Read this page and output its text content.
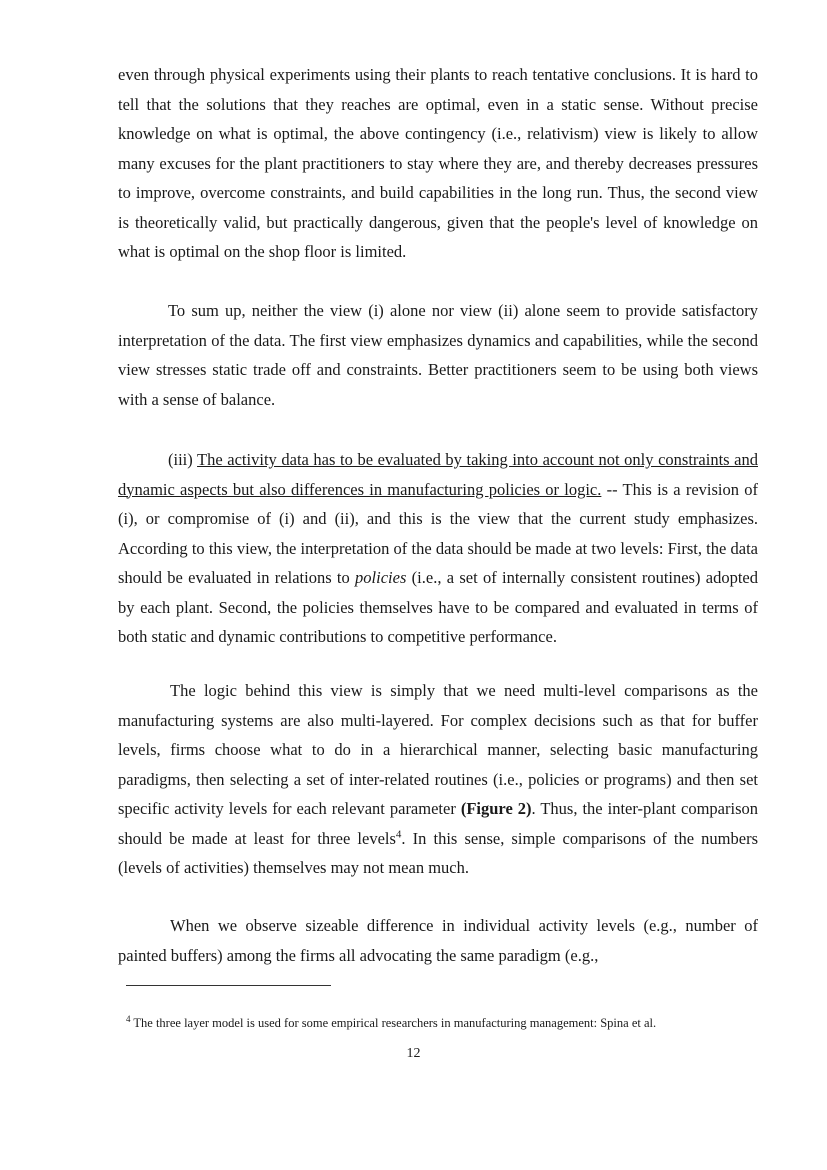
even through physical experiments using their plants to reach tentative conclusions. It is hard to tell that the solutions that they reaches are optimal, even in a static sense. Without precise knowledge on what is optimal, the above contingency (i.e., relativism) view is likely to allow many excuses for the plant practitioners to stay where they are, and thereby decreases pressures to improve, overcome constraints, and build capabilities in the long run. Thus, the second view is theoretically valid, but practically dangerous, given that the people's level of knowledge on what is optimal on the shop floor is limited.

To sum up, neither the view (i) alone nor view (ii) alone seem to provide satisfactory interpretation of the data. The first view emphasizes dynamics and capabilities, while the second view stresses static trade off and constraints. Better practitioners seem to be using both views with a sense of balance.

(iii) The activity data has to be evaluated by taking into account not only constraints and dynamic aspects but also differences in manufacturing policies or logic. -- This is a revision of (i), or compromise of (i) and (ii), and this is the view that the current study emphasizes. According to this view, the interpretation of the data should be made at two levels: First, the data should be evaluated in relations to policies (i.e., a set of internally consistent routines) adopted by each plant. Second, the policies themselves have to be compared and evaluated in terms of both static and dynamic contributions to competitive performance.

The logic behind this view is simply that we need multi-level comparisons as the manufacturing systems are also multi-layered. For complex decisions such as that for buffer levels, firms choose what to do in a hierarchical manner, selecting basic manufacturing paradigms, then selecting a set of inter-related routines (i.e., policies or programs) and then set specific activity levels for each relevant parameter (Figure 2). Thus, the inter-plant comparison should be made at least for three levels$^4$. In this sense, simple comparisons of the numbers (levels of activities) themselves may not mean much.

When we observe sizeable difference in individual activity levels (e.g., number of painted buffers) among the firms all advocating the same paradigm (e.g.,

$^4$ The three layer model is used for some empirical researchers in manufacturing management: Spina et al.
12
